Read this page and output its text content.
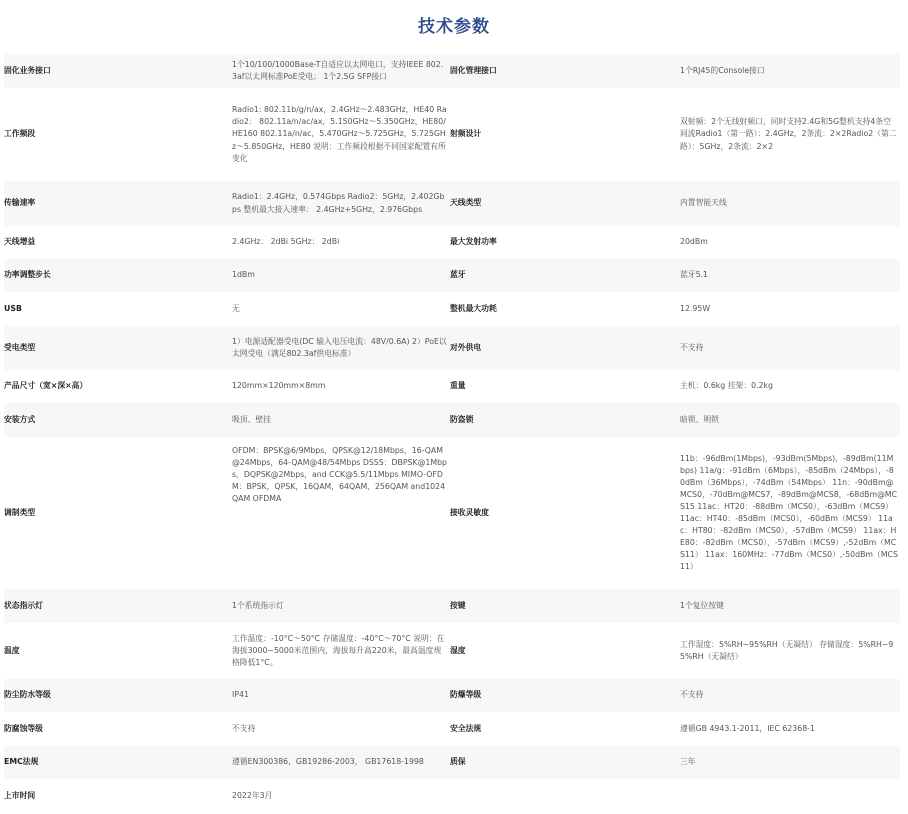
技术参数
固化业务接口	1个10/100/1000Base-T自适应以太网电口，支持IEEE 802.3af以太网标准PoE受电； 1个2.5G SFP接口	固化管理接口	1个RJ45的Console接口
工作频段	Radio1: 802.11b/g/n/ax，2.4GHz～2.483GHz，HE40 Radio2： 802.11a/n/ac/ax，5.150GHz～5.350GHz，HE80/HE160 802.11a/n/ac，5.470GHz～5.725GHz，5.725GHz～5.850GHz，HE80 说明：工作频段根据不同国家配置有所变化	射频设计	双射频：2个无线射频口，同时支持2.4G和5G整机支持4条空间流Radio1（第一路）：2.4GHz，2条流：2×2Radio2（第二路）：5GHz，2条流：2×2
传输速率	Radio1：2.4GHz，0.574Gbps Radio2：5GHz，2.402Gbps 整机最大接入速率： 2.4GHz+5GHz，2.976Gbps	天线类型	内置智能天线
天线增益	2.4GHz： 2dBi 5GHz： 2dBi	最大发射功率	20dBm
功率调整步长	1dBm	蓝牙	蓝牙5.1
USB	无	整机最大功耗	12.95W
受电类型	1）电源适配器受电(DC 输入电压电流：48V/0.6A) 2）PoE以太网受电（满足802.3af供电标准）	对外供电	不支持
产品尺寸（宽×深×高）	120mm×120mm×8mm	重量	主机：0.6kg 挂架：0.2kg
安装方式	吸顶、壁挂	防盗锁	暗锁、明锁
调制类型	OFDM：BPSK@6/9Mbps，QPSK@12/18Mbps，16-QAM@24Mbps，64-QAM@48/54Mbps DSSS：DBPSK@1Mbps，DQPSK@2Mbps，and CCK@5.5/11Mbps MIMO-OFDM：BPSK，QPSK，16QAM，64QAM，256QAM and1024QAM OFDMA	接收灵敏度	11b：-96dBm(1Mbps)，-93dBm(5Mbps)，-89dBm(11Mbps) 11a/g：-91dBm（6Mbps），-85dBm（24Mbps），-80dBm（36Mbps），-74dBm（54Mbps） 11n：-90dBm@MCS0，-70dBm@MCS7，-89dBm@MCS8，-68dBm@MCS15 11ac：HT20：-88dBm（MCS0），-63dBm（MCS9） 11ac：HT40：-85dBm（MCS0），-60dBm（MCS9） 11ac：HT80：-82dBm（MCS0），-57dBm（MCS9） 11ax：HE80：-82dBm（MCS0），-57dBm（MCS9）,-52dBm（MCS11） 11ax：160MHz：-77dBm（MCS0）,-50dBm（MCS11）
状态指示灯	1个系统指示灯	按键	1个复位按键
温度	工作温度：-10°C～50°C 存储温度：-40°C～70°C 说明：在海拔3000~5000米范围内，海拔每升高220米，最高温度规格降低1°C。	湿度	工作湿度：5%RH~95%RH（无凝结） 存储湿度：5%RH~95%RH（无凝结）
防尘防水等级	IP41	防爆等级	不支持
防腐蚀等级	不支持	安全法规	遵循GB 4943.1-2011，IEC 62368-1
EMC法规	遵循EN300386，GB19286-2003， GB17618-1998	质保	三年
上市时间	2022年3月		
